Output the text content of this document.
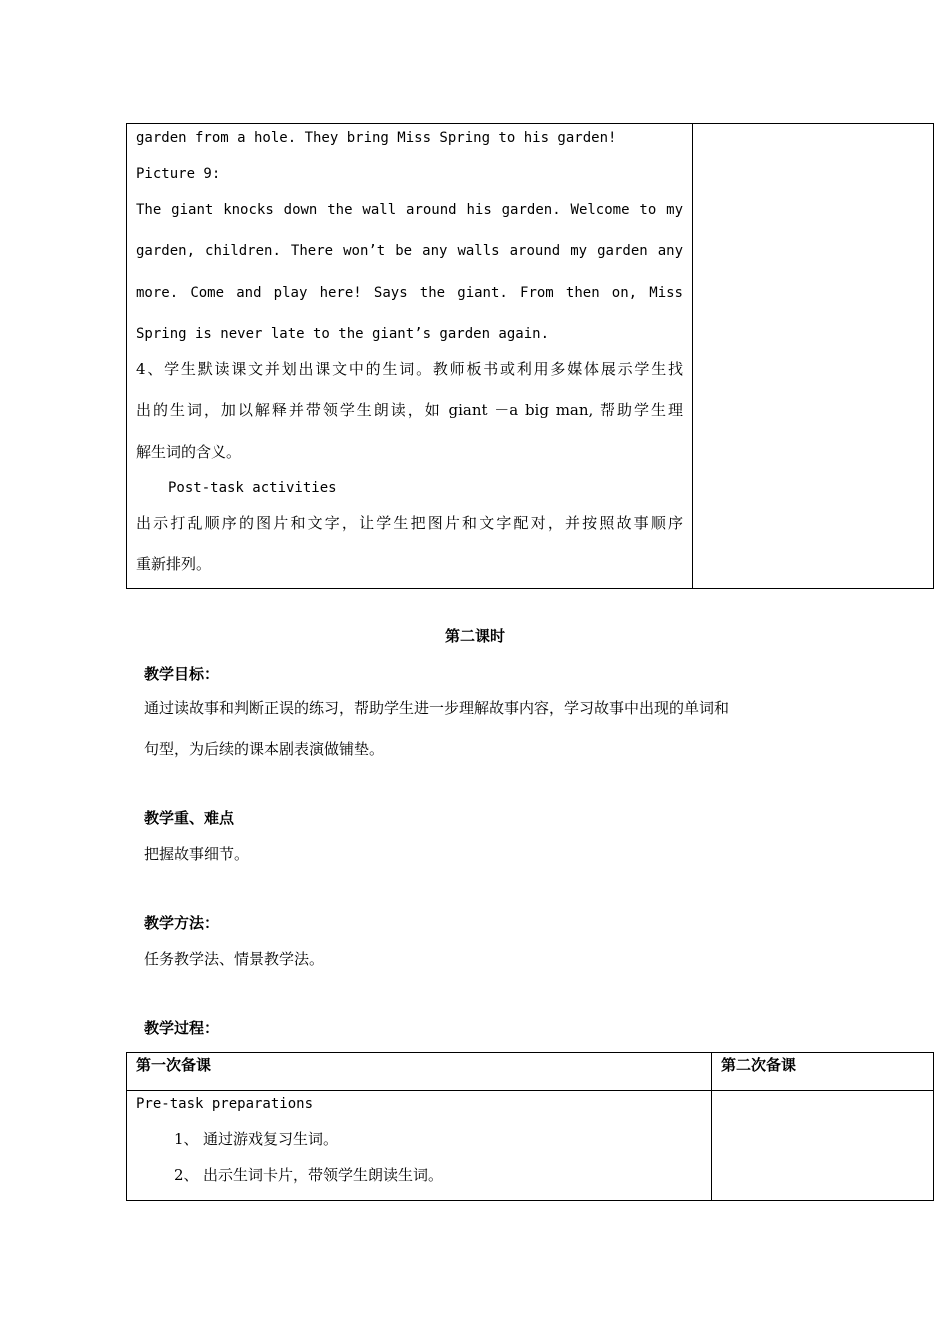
garden from a hole. They bring Miss Spring to his garden!
Picture 9:
The giant knocks down the wall around his garden. Welcome to my
garden, children. There won’t be any walls around my garden any
more. Come and play here! Says the giant. From then on, Miss
Spring is never late to the giant’s garden again.
4、学生默读课文并划出课文中的生词。教师板书或利用多媒体展示学生找
出的生词，加以解释并带领学生朗读，如 giant －a big man, 帮助学生理
解生词的含义。
Post-task activities
出示打乱顺序的图片和文字，让学生把图片和文字配对，并按照故事顺序
重新排列。
第二课时
教学目标：
通过读故事和判断正误的练习，帮助学生进一步理解故事内容，学习故事中出现的单词和
句型，为后续的课本剧表演做铺垫。
教学重、难点
把握故事细节。
教学方法：
任务教学法、情景教学法。
教学过程：
第一次备课	第二次备课
Pre-task preparations
1、 通过游戏复习生词。
2、 出示生词卡片，带领学生朗读生词。
